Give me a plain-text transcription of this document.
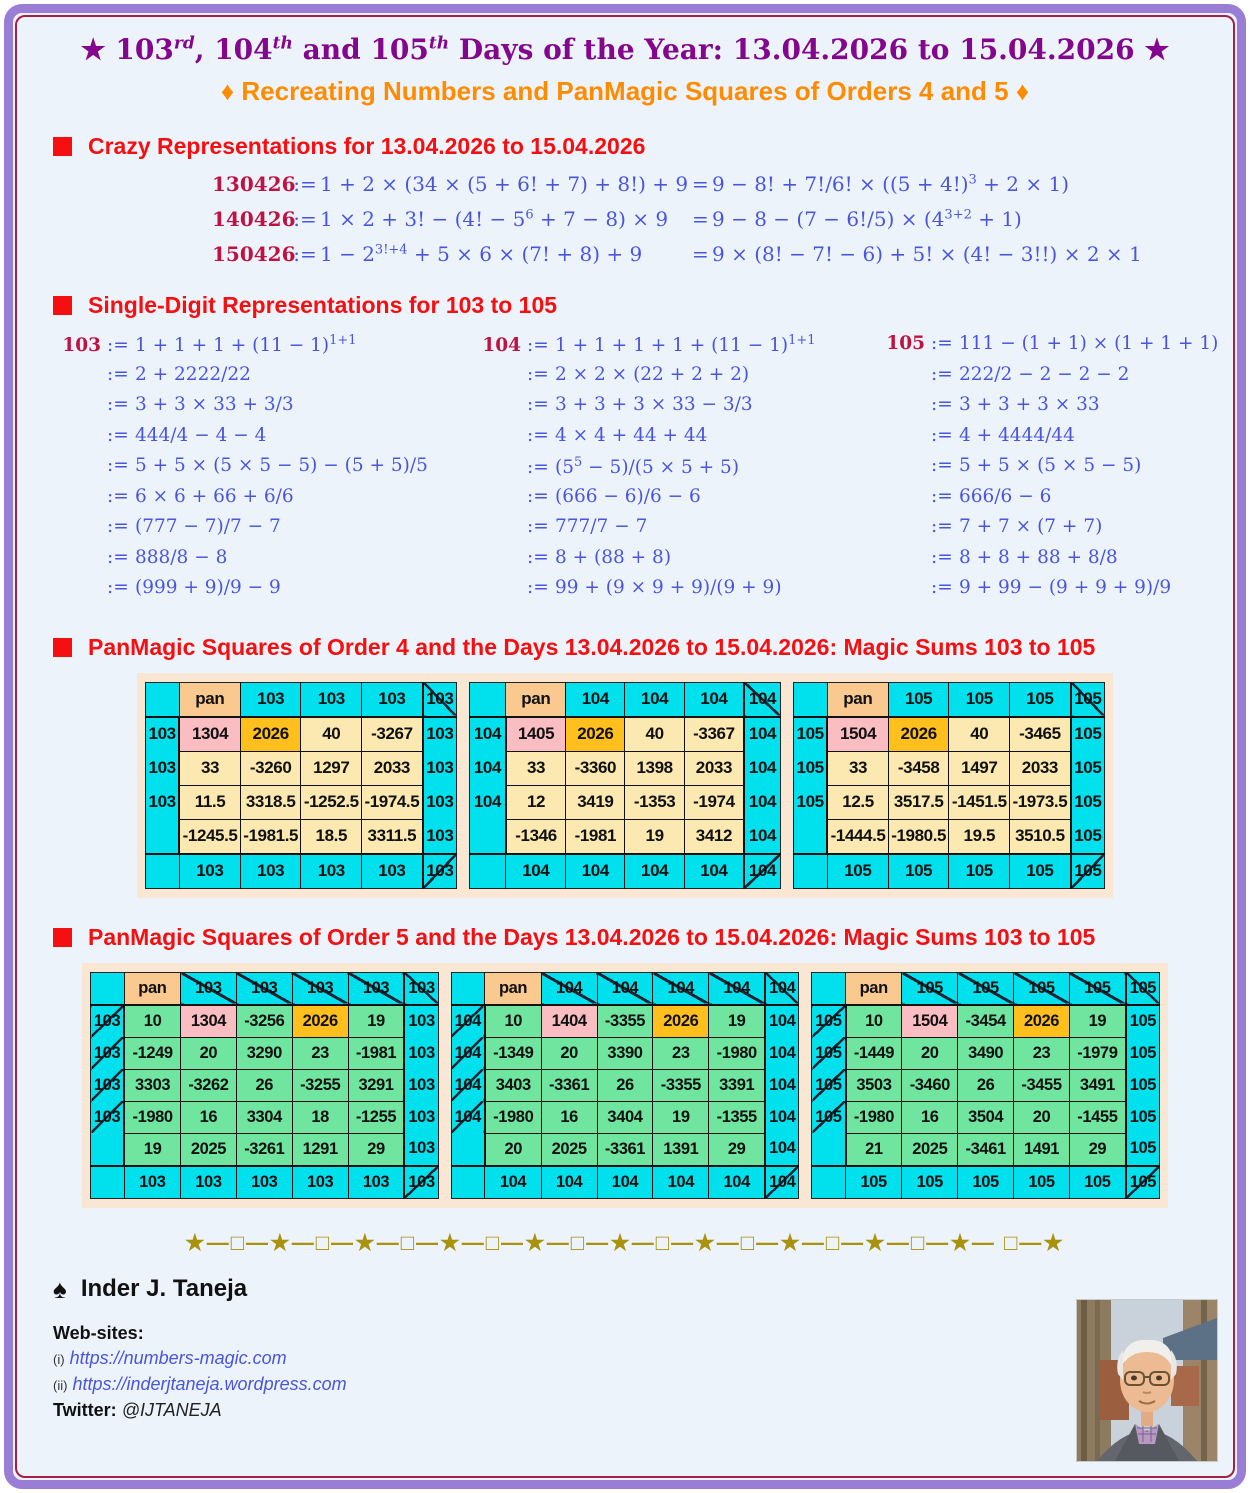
★ 103rd, 104th and 105th Days of the Year: 13.04.2026 to 15.04.2026 ★
♦ Recreating Numbers and PanMagic Squares of Orders 4 and 5 ♦
Crazy Representations for 13.04.2026 to 15.04.2026
130426
:= 1 + 2 × (34 × (5 + 6! + 7) + 8!) + 9 = 9 − 8! + 7!/6! × $((5 + 4!)^3 + 2 \times 1)$
140426
:= 1 × 2 + 3! − (4! − $5^6 + 7 - 8) \times 9$	= $9 - 8 - (7 - 6!/5) \times (4^{3+2} + 1)$
150426
:= $1 - 2^{3!+4} + 5 \times 6 \times (7$! + 8) + 9	= 9 × (8! − 7! − 6) + 5! × (4! − 3!!) × 2 × 1
Single-Digit Representations for 103 to 105
103 := $1 + 1 + 1 + (11 - 1)^{1+1}$
:= 2 + 2222/22
:= 3 + 3 × 33 + 3/3
:= 444/4 − 4 − 4
:= 5 + 5 × (5 × 5 − 5) − (5 + 5)/5
:= 6 × 6 + 66 + 6/6
:= (777 − 7)/7 − 7
:= 888/8 − 8
:= (999 + 9)/9 − 9
104 := $1 + 1 + 1 + 1 + (11 - 1)^{1+1}$
:= 2 × 2 × (22 + 2 + 2)
:= 3 + 3 + 3 × 33 − 3/3
:= 4 × 4 + 44 + 44
:= $(5^5 - 5)/(5 \times 5 + 5)$
:= (666 − 6)/6 − 6
:= 777/7 − 7
:= 8 + (88 + 8)
:= 99 + (9 × 9 + 9)/(9 + 9)
105 := 111 − (1 + 1) × (1 + 1 + 1)
:= 222/2 − 2 − 2 − 2
:= 3 + 3 + 3 × 33
:= 4 + 4444/44
:= 5 + 5 × (5 × 5 − 5)
:= 666/6 − 6
:= 7 + 7 × (7 + 7)
:= 8 + 8 + 88 + 8/8
:= 9 + 99 − (9 + 9 + 9)/9
PanMagic Squares of Order 4 and the Days 13.04.2026 to 15.04.2026: Magic Sums 103 to 105
	pan	103	103	103	103
103	1304	2026	40	-3267	103
103	33	-3260	1297	2033	103
103	11.5	3318.5	-1252.5	-1974.5	103
	-1245.5	-1981.5	18.5	3311.5	103
	103	103	103	103	103
	pan	104	104	104	104
104	1405	2026	40	-3367	104
104	33	-3360	1398	2033	104
104	12	3419	-1353	-1974	104
	-1346	-1981	19	3412	104
	104	104	104	104	104
	pan	105	105	105	105
105	1504	2026	40	-3465	105
105	33	-3458	1497	2033	105
105	12.5	3517.5	-1451.5	-1973.5	105
	-1444.5	-1980.5	19.5	3510.5	105
	105	105	105	105	105
PanMagic Squares of Order 5 and the Days 13.04.2026 to 15.04.2026: Magic Sums 103 to 105
	pan	103	103	103	103	103
103	10	1304	-3256	2026	19	103
103	-1249	20	3290	23	-1981	103
103	3303	-3262	26	-3255	3291	103
103	-1980	16	3304	18	-1255	103
	19	2025	-3261	1291	29	103
	103	103	103	103	103	103
	pan	104	104	104	104	104
104	10	1404	-3355	2026	19	104
104	-1349	20	3390	23	-1980	104
104	3403	-3361	26	-3355	3391	104
104	-1980	16	3404	19	-1355	104
	20	2025	-3361	1391	29	104
	104	104	104	104	104	104
	pan	105	105	105	105	105
105	10	1504	-3454	2026	19	105
105	-1449	20	3490	23	-1979	105
105	3503	-3460	26	-3455	3491	105
105	-1980	16	3504	20	-1455	105
	21	2025	-3461	1491	29	105
	105	105	105	105	105	105
★—□—★—□—★—□—★—□—★—□—★—□—★—□—★—□—★—□—★— □—★
♠ Inder J. Taneja
Web-sites:
(i) https://numbers-magic.com
(ii) https://inderjtaneja.wordpress.com
Twitter: @IJTANEJA
